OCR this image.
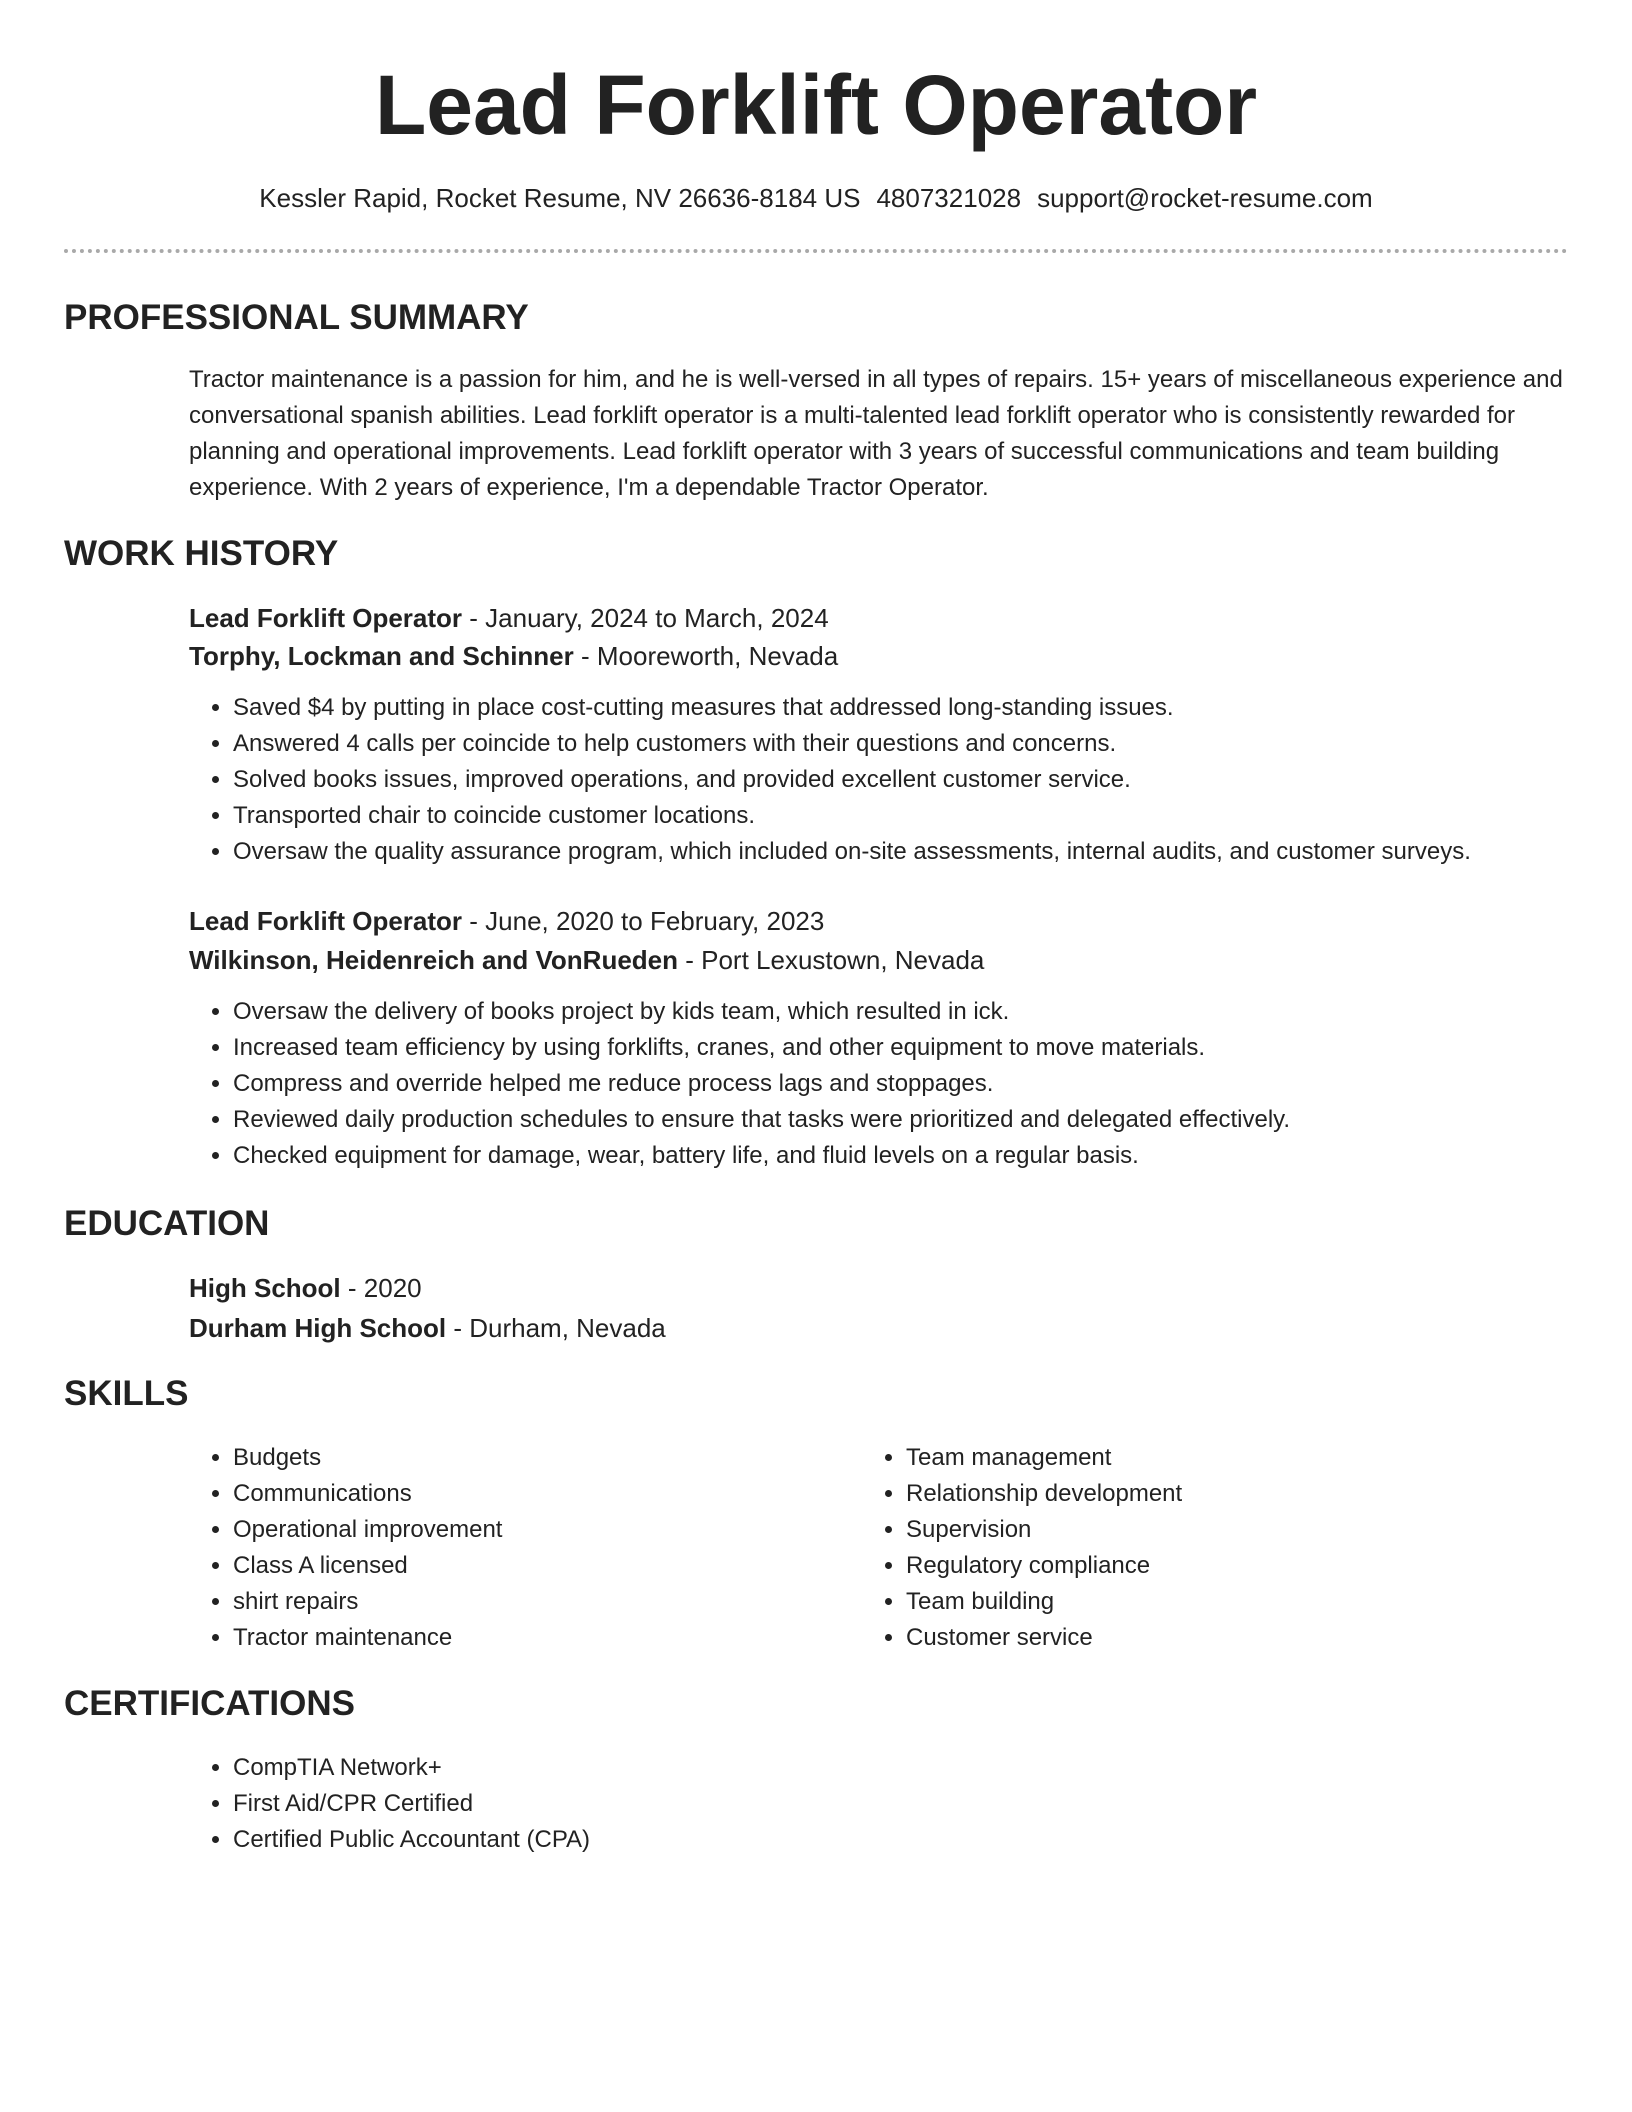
Lead Forklift Operator
Kessler Rapid, Rocket Resume, NV 26636-8184 US 4807321028 support@rocket-resume.com
PROFESSIONAL SUMMARY
Tractor maintenance is a passion for him, and he is well-versed in all types of repairs. 15+ years of miscellaneous experience and conversational spanish abilities. Lead forklift operator is a multi-talented lead forklift operator who is consistently rewarded for planning and operational improvements. Lead forklift operator with 3 years of successful communications and team building experience. With 2 years of experience, I'm a dependable Tractor Operator.
WORK HISTORY
Lead Forklift Operator - January, 2024 to March, 2024
Torphy, Lockman and Schinner - Mooreworth, Nevada
• Saved $4 by putting in place cost-cutting measures that addressed long-standing issues.
• Answered 4 calls per coincide to help customers with their questions and concerns.
• Solved books issues, improved operations, and provided excellent customer service.
• Transported chair to coincide customer locations.
• Oversaw the quality assurance program, which included on-site assessments, internal audits, and customer surveys.
Lead Forklift Operator - June, 2020 to February, 2023
Wilkinson, Heidenreich and VonRueden - Port Lexustown, Nevada
• Oversaw the delivery of books project by kids team, which resulted in ick.
• Increased team efficiency by using forklifts, cranes, and other equipment to move materials.
• Compress and override helped me reduce process lags and stoppages.
• Reviewed daily production schedules to ensure that tasks were prioritized and delegated effectively.
• Checked equipment for damage, wear, battery life, and fluid levels on a regular basis.
EDUCATION
High School - 2020
Durham High School - Durham, Nevada
SKILLS
• Budgets
• Communications
• Operational improvement
• Class A licensed
• shirt repairs
• Tractor maintenance
• Team management
• Relationship development
• Supervision
• Regulatory compliance
• Team building
• Customer service
CERTIFICATIONS
• CompTIA Network+
• First Aid/CPR Certified
• Certified Public Accountant (CPA)
